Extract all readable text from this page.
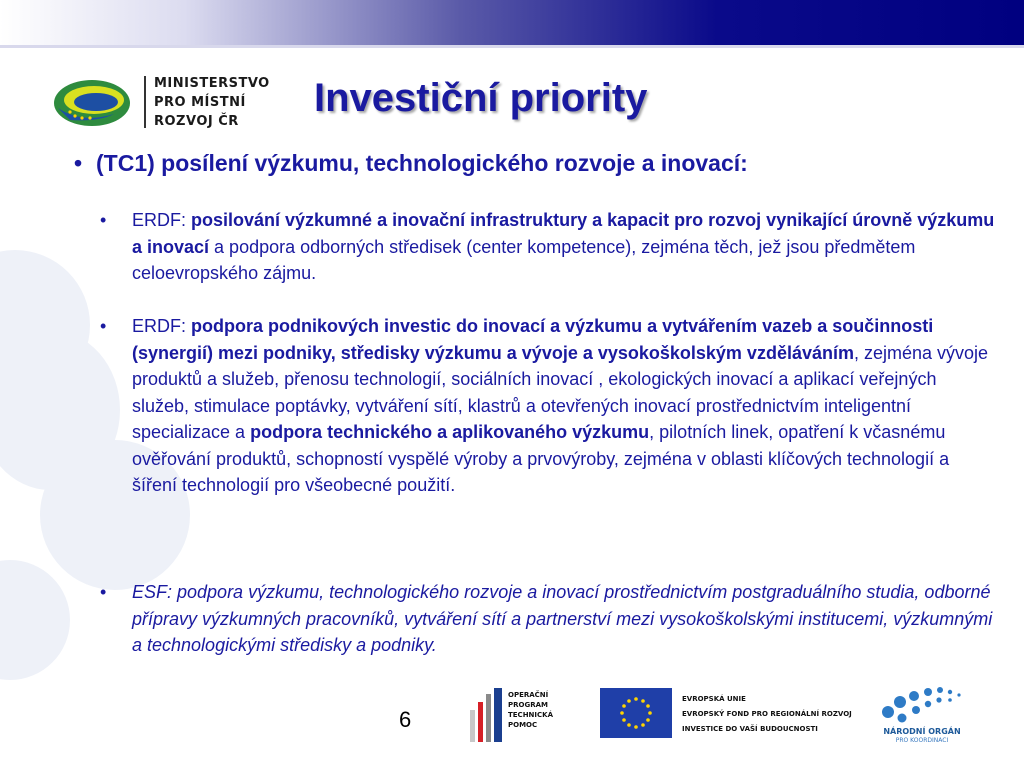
MINISTERSTVO
PRO MÍSTNÍ
ROZVOJ ČR
Investiční priority
• (TC1) posílení výzkumu, technologického rozvoje a inovací:
• ERDF: posilování výzkumné a inovační infrastruktury a kapacit pro rozvoj vynikající úrovně výzkumu a inovací a podpora odborných středisek (center kompetence), zejména těch, jež jsou předmětem celoevropského zájmu.
• ERDF: podpora podnikových investic do inovací a výzkumu a vytvářením vazeb a součinnosti (synergií) mezi podniky, středisky výzkumu a vývoje a vysokoškolským vzděláváním, zejména vývoje produktů a služeb, přenosu technologií, sociálních inovací , ekologických inovací a aplikací veřejných služeb, stimulace poptávky, vytváření sítí, klastrů a otevřených inovací prostřednictvím inteligentní specializace a podpora technického a aplikovaného výzkumu, pilotních linek, opatření k včasnému ověřování produktů, schopností vyspělé výroby a prvovýroby, zejména v oblasti klíčových technologií a šíření technologií pro všeobecné použití.
• ESF: podpora výzkumu, technologického rozvoje a inovací prostřednictvím postgraduálního studia, odborné přípravy výzkumných pracovníků, vytváření sítí a partnerství mezi vysokoškolskými institucemi, výzkumnými a technologickými středisky a podniky.
6
OPERAČNÍ
PROGRAM
TECHNICKÁ
POMOC
EVROPSKÁ UNIE
EVROPSKÝ FOND PRO REGIONÁLNÍ ROZVOJ
INVESTICE DO VAŠÍ BUDOUCNOSTI	NÁRODNÍ ORGÁN
PRO KOORDINACI
